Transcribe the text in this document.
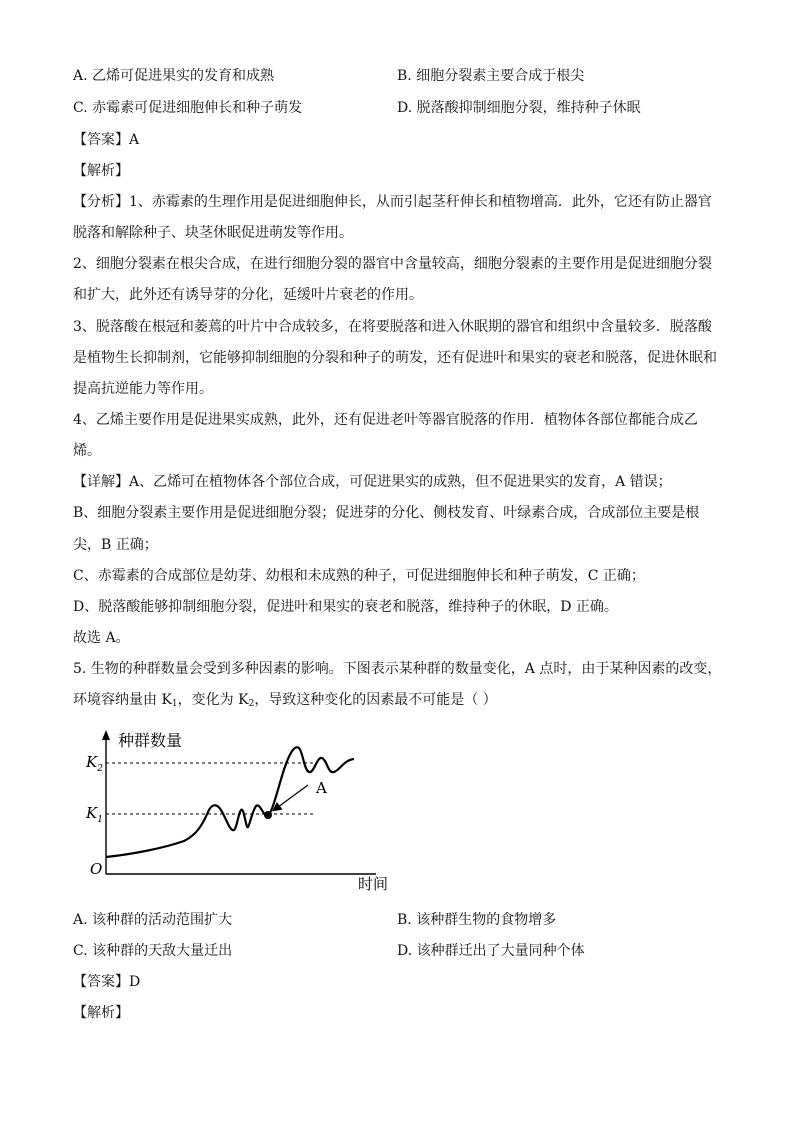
A. 乙烯可促进果实的发育和成熟	B. 细胞分裂素主要合成于根尖
C. 赤霉素可促进细胞伸长和种子萌发	D. 脱落酸抑制细胞分裂，维持种子休眠
【答案】A
【解析】
【分析】1、赤霉素的生理作用是促进细胞伸长，从而引起茎秆伸长和植物增高．此外，它还有防止器官
脱落和解除种子、块茎休眠促进萌发等作用。
2、细胞分裂素在根尖合成，在进行细胞分裂的器官中含量较高，细胞分裂素的主要作用是促进细胞分裂
和扩大，此外还有诱导芽的分化，延缓叶片衰老的作用。
3、脱落酸在根冠和萎蔫的叶片中合成较多，在将要脱落和进入休眠期的器官和组织中含量较多．脱落酸
是植物生长抑制剂，它能够抑制细胞的分裂和种子的萌发，还有促进叶和果实的衰老和脱落，促进休眠和
提高抗逆能力等作用。
4、乙烯主要作用是促进果实成熟，此外，还有促进老叶等器官脱落的作用．植物体各部位都能合成乙
烯。
【详解】A、乙烯可在植物体各个部位合成，可促进果实的成熟，但不促进果实的发育，A 错误；
B、细胞分裂素主要作用是促进细胞分裂；促进芽的分化、侧枝发育、叶绿素合成，合成部位主要是根
尖，B 正确；
C、赤霉素的合成部位是幼芽、幼根和未成熟的种子，可促进细胞伸长和种子萌发，C 正确；
D、脱落酸能够抑制细胞分裂，促进叶和果实的衰老和脱落，维持种子的休眠，D 正确。
故选 A。
5. 生物的种群数量会受到多种因素的影响。下图表示某种群的数量变化，A 点时，由于某种因素的改变，
环境容纳量由 $K_1$，变化为 $K_2$，导致这种变化的因素最不可能是（ ）
种群数量
时间
$K_2$
$K_1$
O
A
A. 该种群的活动范围扩大	B. 该种群生物的食物增多
C. 该种群的天敌大量迁出	D. 该种群迁出了大量同种个体
【答案】D
【解析】
